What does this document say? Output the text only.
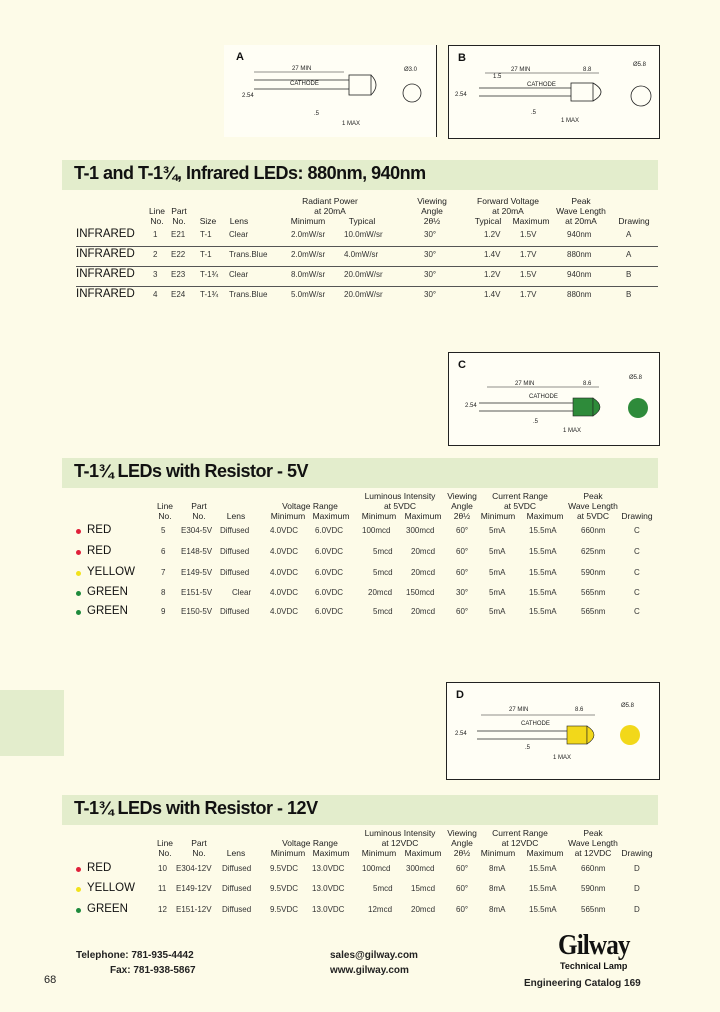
A
27 MIN
CATHODE
2.54
.5
1 MAX
Ø3.0
B
27 MIN
CATHODE
1.5
2.54
.5
1 MAX
8.8
Ø5.8
T-1 and T-1¾, Infrared LEDs: 880nm, 940nm
Line
No.
Part
No.	Size	Lens
Radiant Power
at 20mA
Minimum	Typical
Viewing
Angle
2θ½
Forward Voltage
at 20mA
Typical	Maximum
Peak
Wave Length
at 20mA	Drawing
INFRARED 1 E21 T-1 Clear	2.0mW/sr 10.0mW/sr	30°	1.2V 1.5V	940nm	A
INFRARED 2 E22 T-1 Trans.Blue	2.0mW/sr 4.0mW/sr	30°	1.4V 1.7V	880nm	A
INFRARED 3 E23 T-1¾ Clear	8.0mW/sr 20.0mW/sr	30°	1.2V 1.5V	940nm	B
INFRARED 4 E24 T-1¾ Trans.Blue	5.0mW/sr 20.0mW/sr	30°	1.4V 1.7V	880nm	B
C
27 MIN
CATHODE
2.54
.5
1 MAX
8.6
Ø5.8
T-1¾ LEDs with Resistor - 5V
Line
No.
Part
No.	Lens
Voltage Range
Minimum Maximum
Luminous Intensity
at 5VDC
Minimum Maximum
Viewing
Angle
2θ½
Current Range
at 5VDC
Minimum	Maximum
Peak
Wave Length
at 5VDC	Drawing
RED	5 E304-5V Diffused	4.0VDC 6.0VDC 100mcd 300mcd	60°	5mA	15.5mA	660nm	C
RED	6 E148-5V Diffused	4.0VDC 6.0VDC	5mcd 20mcd	60°	5mA	15.5mA	625nm	C
YELLOW	7 E149-5V Diffused	4.0VDC 6.0VDC	5mcd 20mcd	60°	5mA	15.5mA	590nm	C
GREEN	8 E151-5V Clear 4.0VDC 6.0VDC	20mcd 150mcd	30°	5mA	15.5mA	565nm	C
GREEN	9 E150-5V Diffused	4.0VDC 6.0VDC	5mcd 20mcd	60°	5mA	15.5mA	565nm	C
D
27 MIN
CATHODE
2.54
.5
1 MAX
8.6
Ø5.8
T-1¾ LEDs with Resistor - 12V
Line
No.
Part
No.	Lens
Voltage Range
Minimum Maximum
Luminous Intensity
at 12VDC
Minimum Maximum
Viewing
Angle
2θ½
Current Range
at 12VDC
Minimum	Maximum
Peak
Wave Length
at 12VDC	Drawing
RED	10 E304-12V Diffused 9.5VDC 13.0VDC 100mcd 300mcd	60°	8mA	15.5mA	660nm	D
YELLOW	11 E149-12V Diffused 9.5VDC 13.0VDC	5mcd 15mcd	60°	8mA	15.5mA	590nm	D
GREEN	12 E151-12V Diffused 9.5VDC 13.0VDC	12mcd 20mcd	60°	8mA	15.5mA	565nm	D
Telephone: 781-935-4442
Fax: 781-938-5867
sales@gilway.com
www.gilway.com
68
Gilway
Technical Lamp
Engineering Catalog 169
